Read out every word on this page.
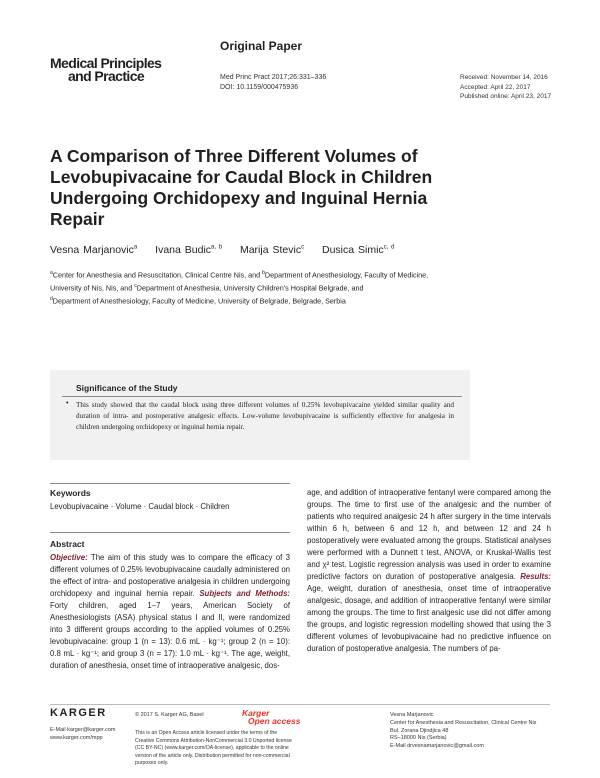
Medical Principles
and Practice
Original Paper
Med Princ Pract 2017;26:331–336
DOI: 10.1159/000475936
Received: November 14, 2016
Accepted: April 22, 2017
Published online: April 23, 2017
A Comparison of Three Different Volumes of Levobupivacaine for Caudal Block in Children Undergoing Orchidopexy and Inguinal Hernia Repair
Vesna Marjanovic$^a$ Ivana Budic$^{a, b}$ Marija Stevic$^c$ Dusica Simic$^{c, d}$
$^a$Center for Anesthesia and Resuscitation, Clinical Centre Nis, and $^b$Department of Anesthesiology, Faculty of Medicine, University of Nis, Nis, and $^c$Department of Anesthesia, University Children's Hospital Belgrade, and
$^d$Department of Anesthesiology, Faculty of Medicine, University of Belgrade, Belgrade, Serbia
Significance of the Study
• This study showed that the caudal block using three different volumes of 0.25% levobupivacaine yielded similar quality and duration of intra- and postoperative analgesic effects. Low-volume levobupivacaine is sufficiently effective for analgesia in children undergoing orchidopexy or inguinal hernia repair.
Keywords
Levobupivacaine · Volume · Caudal block · Children
Abstract
Objective: The aim of this study was to compare the efficacy of 3 different volumes of 0.25% levobupivacaine caudally administered on the effect of intra- and postoperative analgesia in children undergoing orchidopexy and inguinal hernia repair. Subjects and Methods: Forty children, aged 1–7 years, American Society of Anesthesiologists (ASA) physical status I and II, were randomized into 3 different groups according to the applied volumes of 0.25% levobupivacaine: group 1 (n = 13): 0.6 mL · kg⁻¹; group 2 (n = 10): 0.8 mL · kg⁻¹; and group 3 (n = 17): 1.0 mL · kg⁻¹. The age, weight, duration of anesthesia, onset time of intraoperative analgesic, dos-
age, and addition of intraoperative fentanyl were compared among the groups. The time to first use of the analgesic and the number of patients who required analgesic 24 h after surgery in the time intervals within 6 h, between 6 and 12 h, and between 12 and 24 h postoperatively were evaluated among the groups. Statistical analyses were performed with a Dunnett t test, ANOVA, or Kruskal-Wallis test and χ² test. Logistic regression analysis was used in order to examine predictive factors on duration of postoperative analgesia. Results: Age, weight, duration of anesthesia, onset time of intraoperative analgesic, dosage, and addition of intraoperative fentanyl were similar among the groups. The time to first analgesic use did not differ among the groups, and logistic regression modelling showed that using the 3 different volumes of levobupivacaine had no predictive influence on duration of postoperative analgesia. The numbers of pa-
KARGER
E-Mail karger@karger.com
www.karger.com/mpp
© 2017 S. Karger AG, Basel	Karger
Open access
This is an Open Access article licensed under the terms of the Creative Commons Attribution-NonCommercial 3.0 Unported license (CC BY-NC) (www.karger.com/OA-license), applicable to the online version of the article only. Distribution permitted for non-commercial purposes only.
Vesna Marjanovic
Center for Anesthesia and Resuscitation, Clinical Centre Nis
Bul. Zorana Djindjica 48
RS–18000 Nis (Serbia)
E-Mail drvesnamarjanovic@gmail.com
